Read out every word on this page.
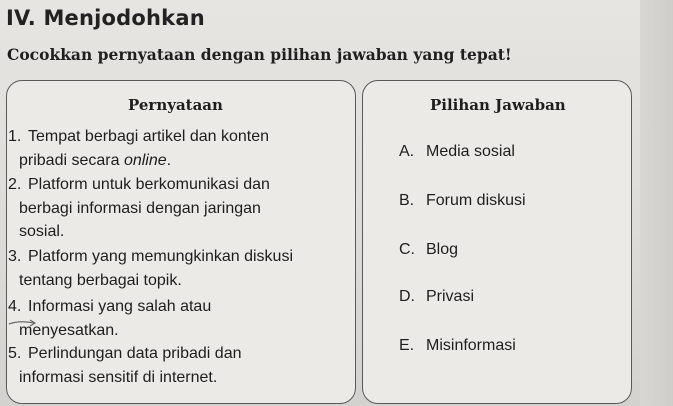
IV. Menjodohkan
Cocokkan pernyataan dengan pilihan jawaban yang tepat!
Pernyataan	Pilihan Jawaban
1. Tempat berbagi artikel dan konten
pribadi secara online.
2. Platform untuk berkomunikasi dan
berbagi informasi dengan jaringan
sosial.
3. Platform yang memungkinkan diskusi
tentang berbagai topik.
4. Informasi yang salah atau
menyesatkan.
5. Perlindungan data pribadi dan
informasi sensitif di internet.
A. Media sosial
B. Forum diskusi
C. Blog
D. Privasi
E. Misinformasi
